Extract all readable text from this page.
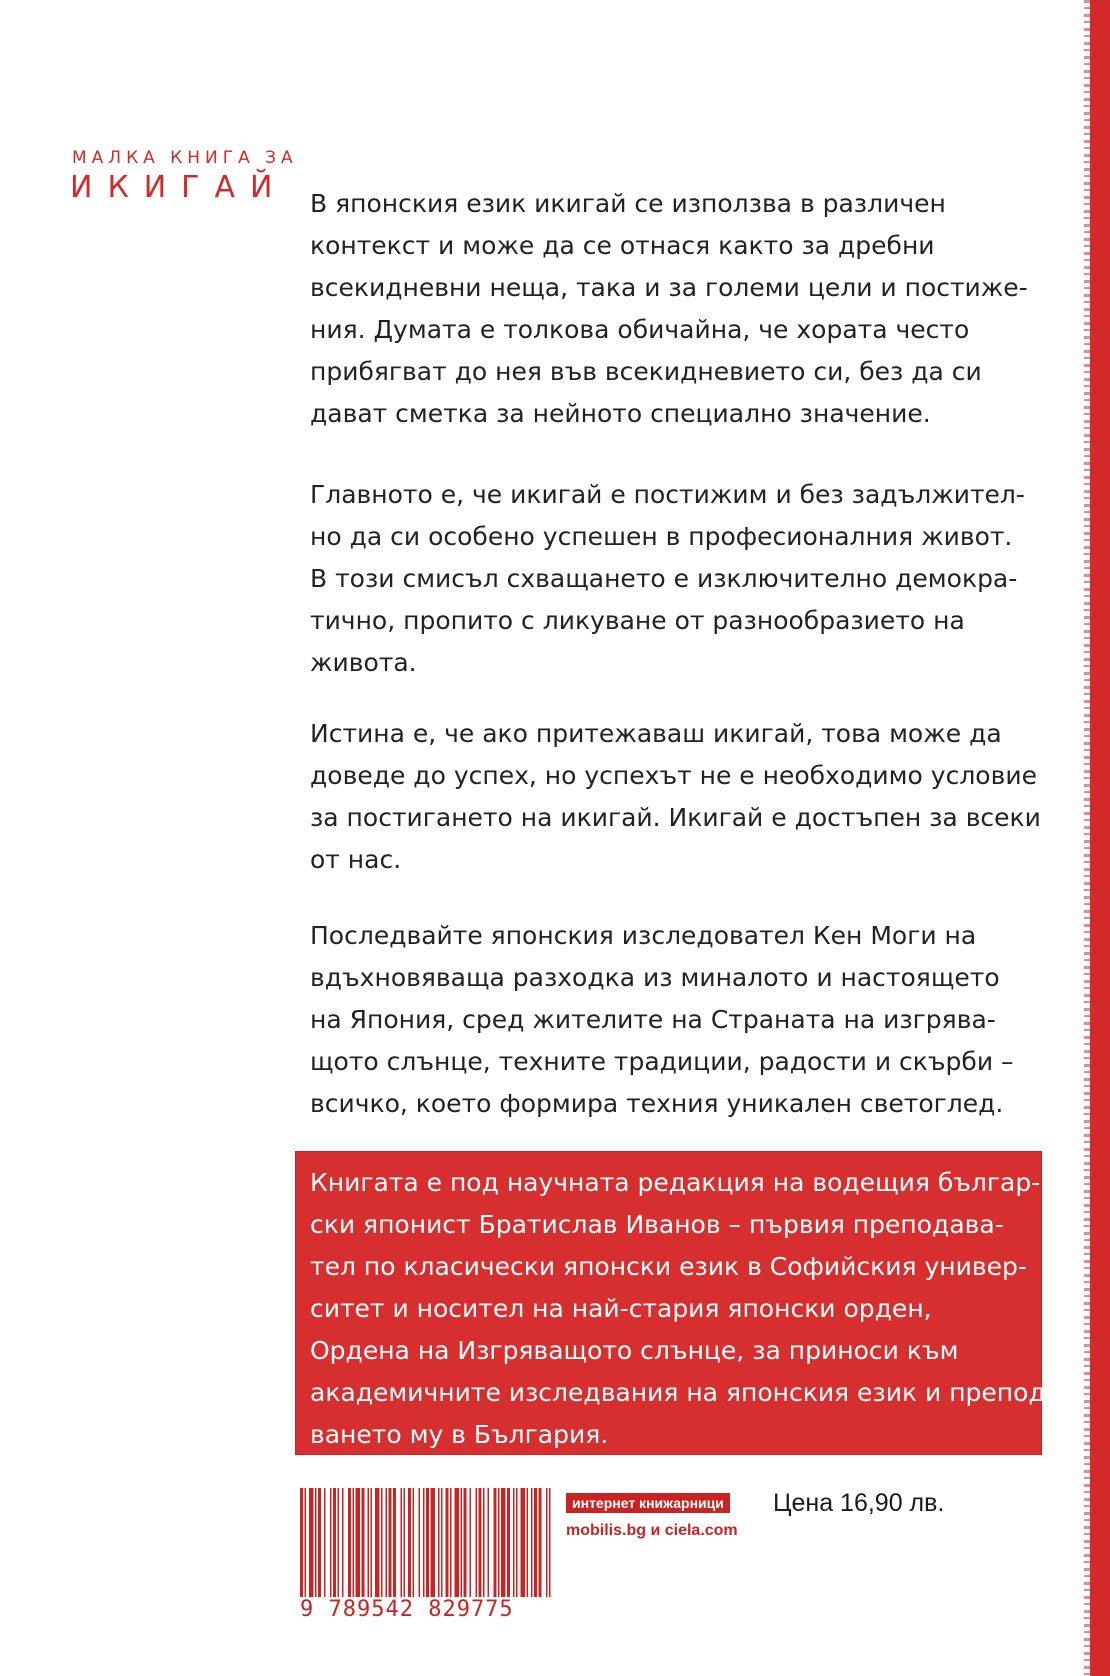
МАЛКА КНИГА ЗА
ИКИГАЙ В японския език икигай се използва в различен
контекст и може да се отнася както за дребни
всекидневни неща, така и за големи цели и постиже-
ния. Думата е толкова обичайна, че хората често
прибягват до нея във всекидневието си, без да си
дават сметка за нейното специално значение.
Главното е, че икигай е постижим и без задължител-
но да си особено успешен в професионалния живот.
В този смисъл схващането е изключително демокра-
тично, пропито с ликуване от разнообразието на
живота.
Истина е, че ако притежаваш икигай, това може да
доведе до успех, но успехът не е необходимо условие
за постигането на икигай. Икигай е достъпен за всеки
от нас.
Последвайте японския изследовател Кен Моги на
вдъхновяваща разходка из миналото и настоящето
на Япония, сред жителите на Страната на изгрява-
щото слънце, техните традиции, радости и скърби –
всичко, което формира техния уникален светоглед.
Книгата е под научната редакция на водещия българ-
ски японист Братислав Иванов – първия преподава-
тел по класически японски език в Софийския универ-
ситет и носител на най-стария японски орден,
Ордена на Изгряващото слънце, за приноси към
академичните изследвания на японския език и препода-
ването му в България.
9 789542 829775
интернет книжарници
mobilis.bg и ciela.com
Цена 16,90 лв.
